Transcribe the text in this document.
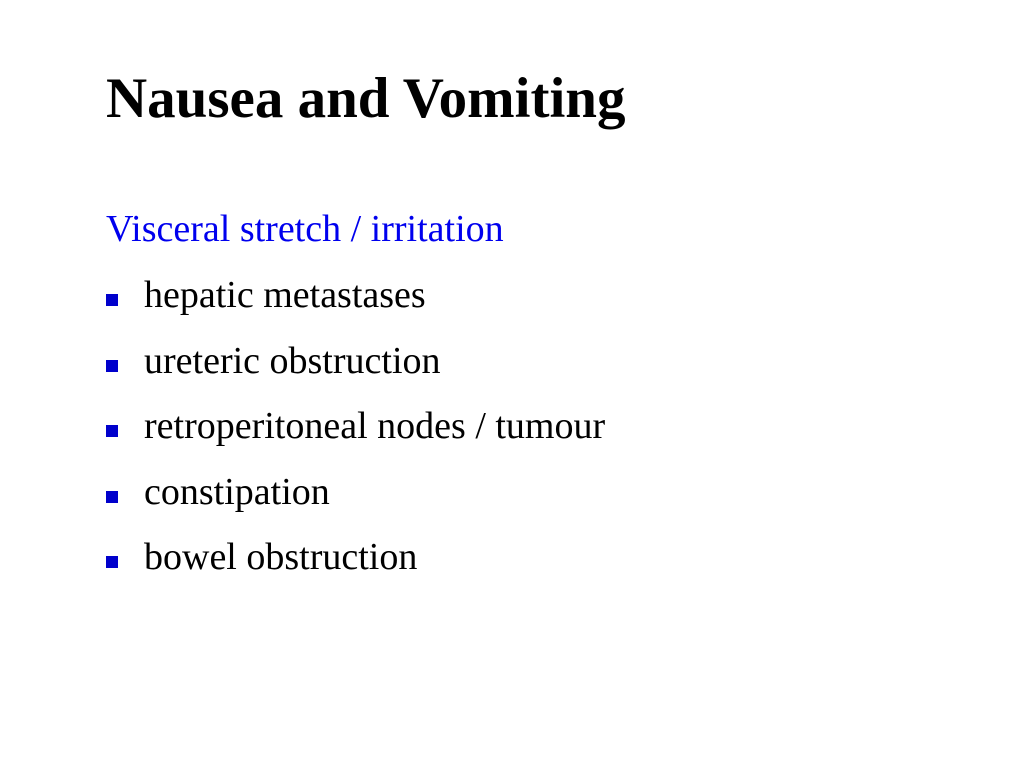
Nausea and Vomiting

Visceral stretch / irritation

hepatic metastases
ureteric obstruction
retroperitoneal nodes / tumour
constipation
bowel obstruction
